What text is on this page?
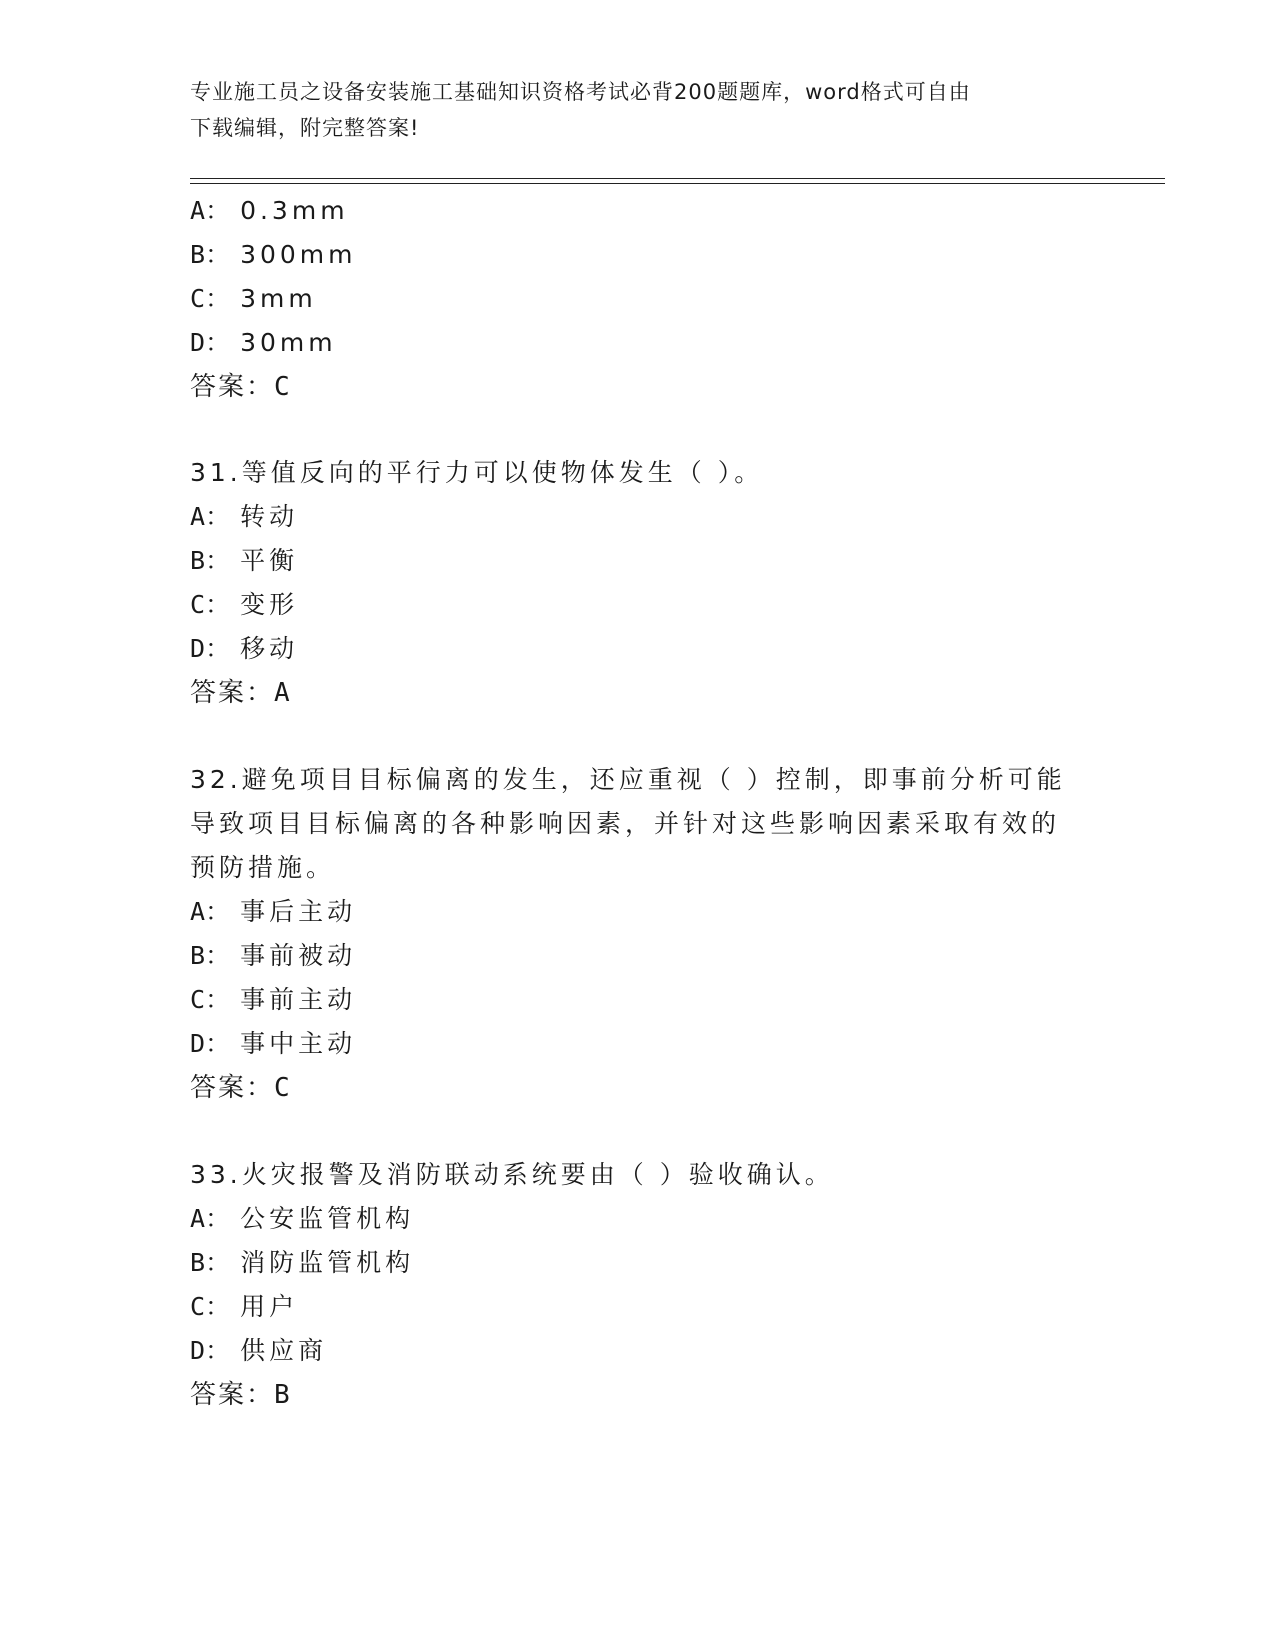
专业施工员之设备安装施工基础知识资格考试必背200题题库，word格式可自由
下载编辑，附完整答案!
A： 0.3mm
B： 300mm
C： 3mm
D： 30mm
答案：C
31.等值反向的平行力可以使物体发生（ ）。
A： 转动
B： 平衡
C： 变形
D： 移动
答案：A
32.避免项目目标偏离的发生，还应重视（ ）控制，即事前分析可能
导致项目目标偏离的各种影响因素，并针对这些影响因素采取有效的
预防措施。
A： 事后主动
B： 事前被动
C： 事前主动
D： 事中主动
答案：C
33.火灾报警及消防联动系统要由（ ）验收确认。
A： 公安监管机构
B： 消防监管机构
C： 用户
D： 供应商
答案：B
